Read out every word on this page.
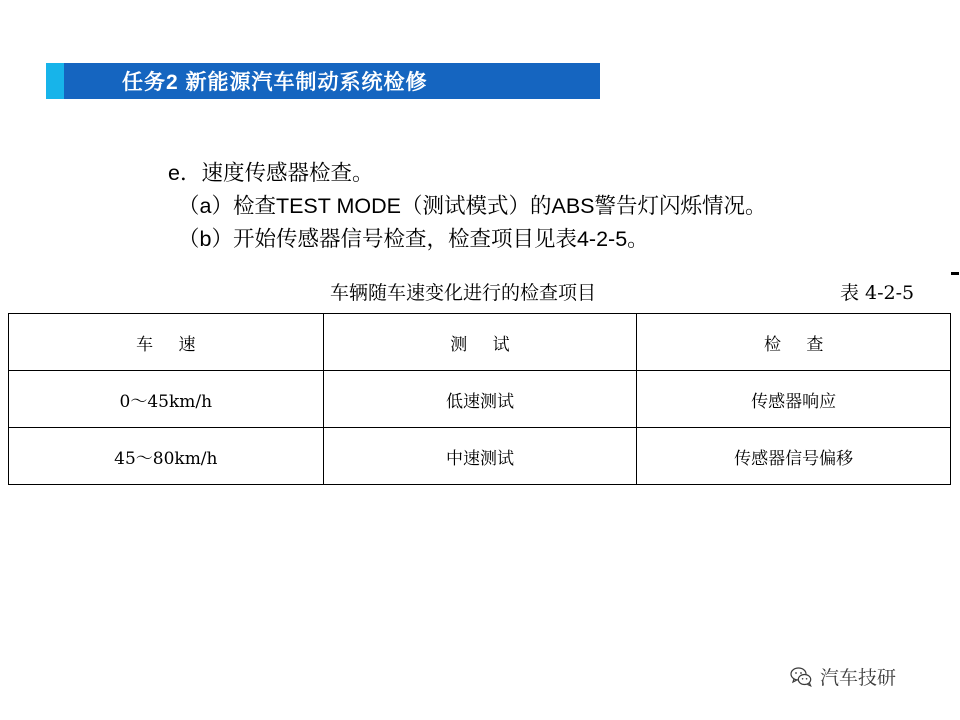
任务2 新能源汽车制动系统检修
e．速度传感器检查。
（a）检查TEST MODE（测试模式）的ABS警告灯闪烁情况。
（b）开始传感器信号检查，检查项目见表4-2-5。
车辆随车速变化进行的检查项目	表 4-2-5
车 速	测 试	检 查
0～45km/h	低速测试	传感器响应
45～80km/h	中速测试	传感器信号偏移
汽车技研
